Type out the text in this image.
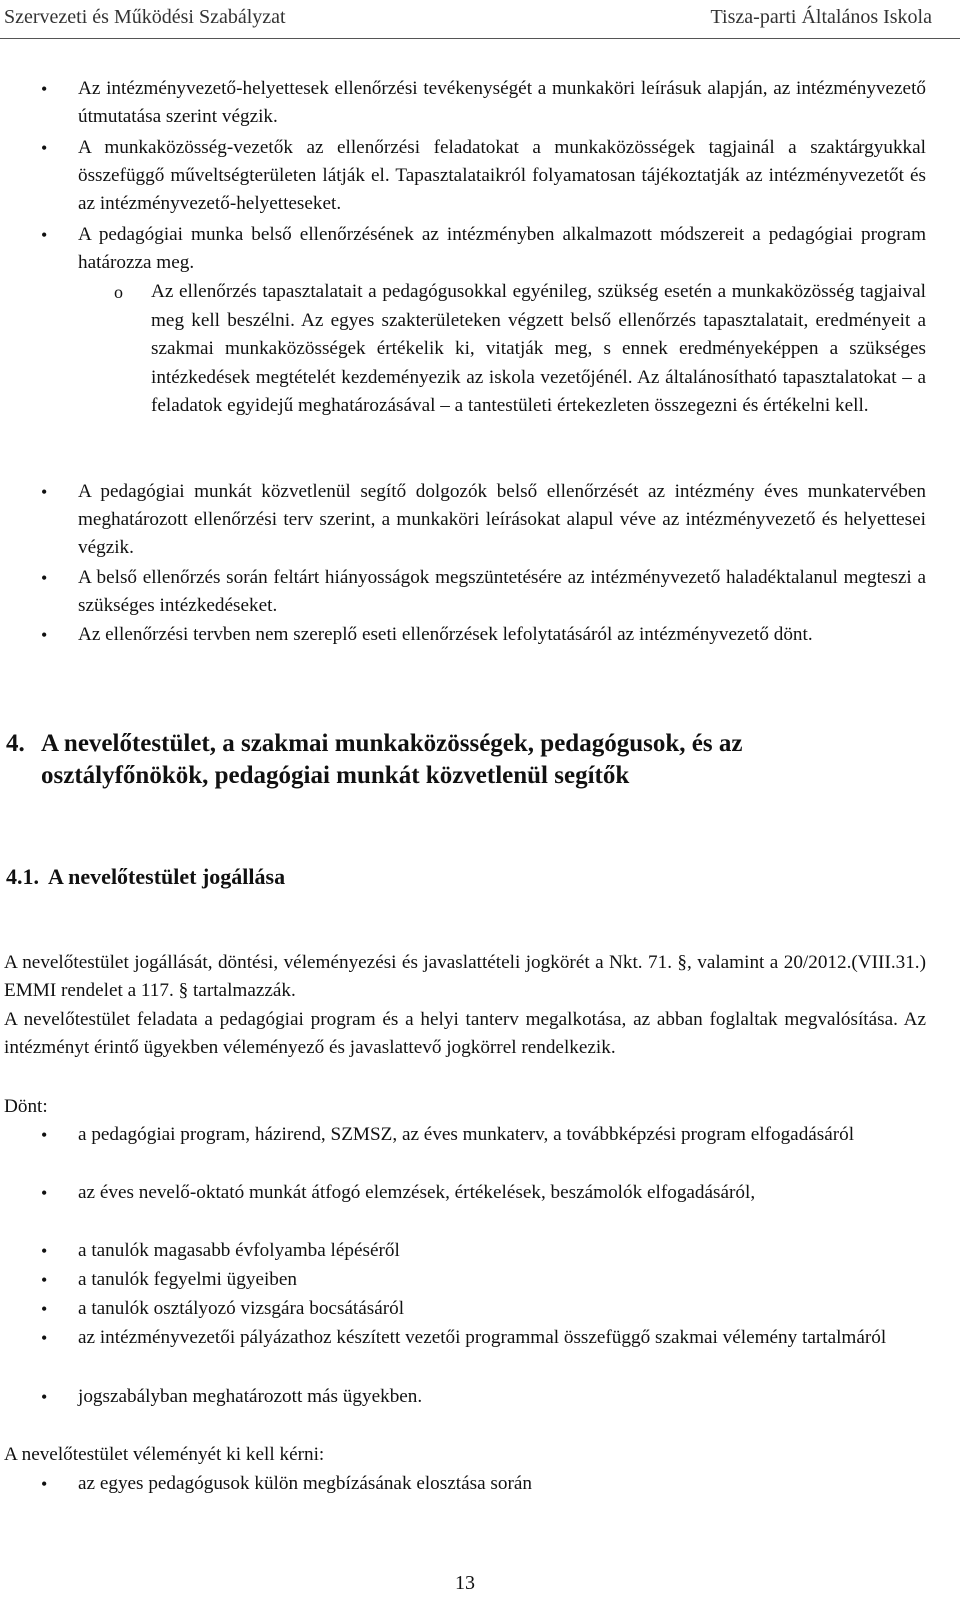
Szervezeti és Működési Szabályzat	Tisza-parti Általános Iskola
• Az intézményvezető-helyettesek ellenőrzési tevékenységét a munkaköri leírásuk alapján, az intézményvezető útmutatása szerint végzik.
• A munkaközösség-vezetők az ellenőrzési feladatokat a munkaközösségek tagjainál a szaktárgyukkal összefüggő műveltségterületen látják el. Tapasztalataikról folyamatosan tájékoztatják az intézményvezetőt és az intézményvezető-helyetteseket.
• A pedagógiai munka belső ellenőrzésének az intézményben alkalmazott módszereit a pedagógiai program határozza meg.
o Az ellenőrzés tapasztalatait a pedagógusokkal egyénileg, szükség esetén a munkaközösség tagjaival meg kell beszélni. Az egyes szakterületeken végzett belső ellenőrzés tapasztalatait, eredményeit a szakmai munkaközösségek értékelik ki, vitatják meg, s ennek eredményeképpen a szükséges intézkedések megtételét kezdeményezik az iskola vezetőjénél. Az általánosítható tapasztalatokat – a feladatok egyidejű meghatározásával – a tantestületi értekezleten összegezni és értékelni kell.
• A pedagógiai munkát közvetlenül segítő dolgozók belső ellenőrzését az intézmény éves munkatervében meghatározott ellenőrzési terv szerint, a munkaköri leírásokat alapul véve az intézményvezető és helyettesei végzik.
• A belső ellenőrzés során feltárt hiányosságok megszüntetésére az intézményvezető haladéktalanul megteszi a szükséges intézkedéseket.
• Az ellenőrzési tervben nem szereplő eseti ellenőrzések lefolytatásáról az intézményvezető dönt.
4. A nevelőtestület, a szakmai munkaközösségek, pedagógusok, és az
osztályfőnökök, pedagógiai munkát közvetlenül segítők
4.1. A nevelőtestület jogállása
A nevelőtestület jogállását, döntési, véleményezési és javaslattételi jogkörét a Nkt. 71. §, valamint a 20/2012.(VIII.31.) EMMI rendelet a 117. § tartalmazzák.
A nevelőtestület feladata a pedagógiai program és a helyi tanterv megalkotása, az abban foglaltak megvalósítása. Az intézményt érintő ügyekben véleményező és javaslattevő jogkörrel rendelkezik.
Dönt:
• a pedagógiai program, házirend, SZMSZ, az éves munkaterv, a továbbképzési program elfogadásáról
• az éves nevelő-oktató munkát átfogó elemzések, értékelések, beszámolók elfogadásáról,
• a tanulók magasabb évfolyamba lépéséről
• a tanulók fegyelmi ügyeiben
• a tanulók osztályozó vizsgára bocsátásáról
• az intézményvezetői pályázathoz készített vezetői programmal összefüggő szakmai vélemény tartalmáról
• jogszabályban meghatározott más ügyekben.
A nevelőtestület véleményét ki kell kérni:
• az egyes pedagógusok külön megbízásának elosztása során
13
